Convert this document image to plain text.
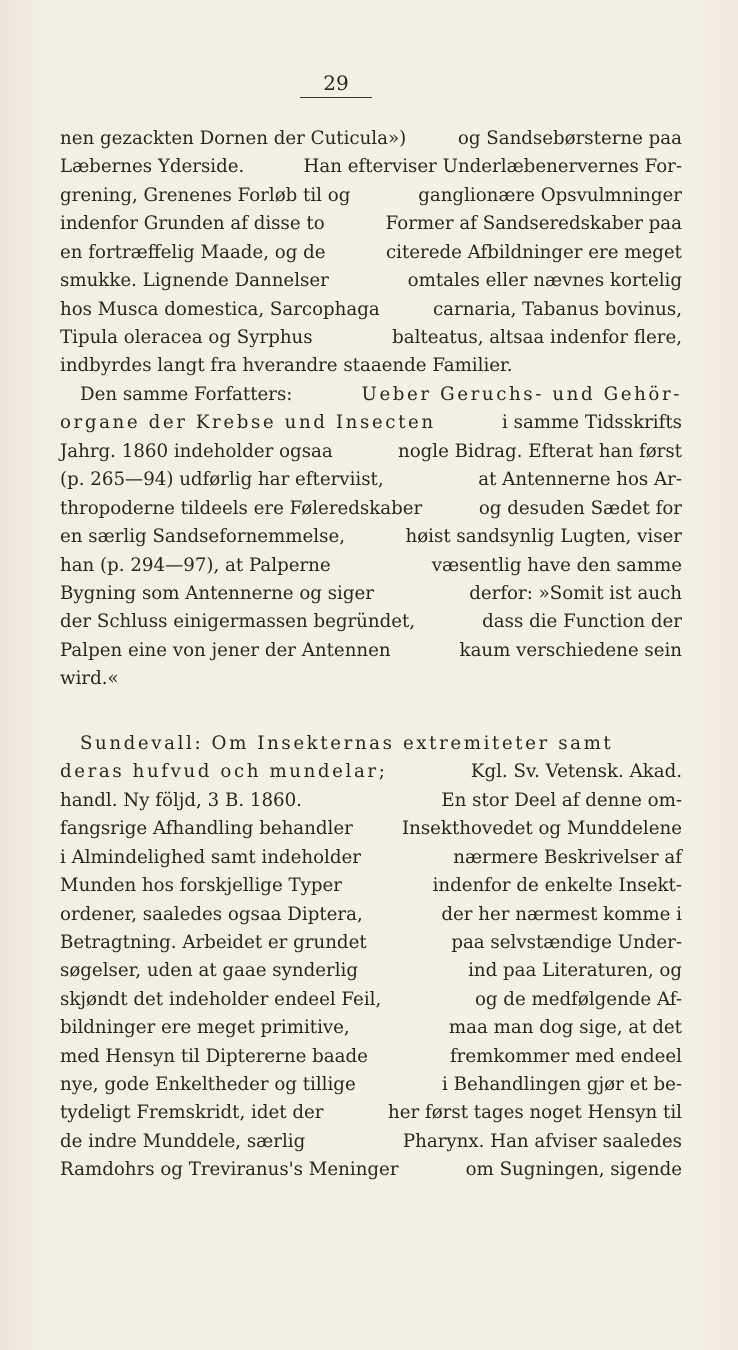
29
nen gezackten Dornen der Cuticula»)	og Sandsebørsterne paa
Læbernes Yderside.	Han efterviser Underlæbenervernes For-
grening, Grenenes Forløb til og	ganglionære Opsvulmninger
indenfor Grunden af disse to	Former af Sandseredskaber paa
en fortræffelig Maade, og de	citerede Afbildninger ere meget
smukke. Lignende Dannelser	omtales eller nævnes kortelig
hos Musca domestica, Sarcophaga	carnaria, Tabanus bovinus,
Tipula oleracea og Syrphus	balteatus, altsaa indenfor flere,
indbyrdes langt fra hverandre staaende Familier.
Den samme Forfatters:	Ueber Geruchs- und Gehör-
organe der Krebse und Insecten	i samme Tidsskrifts
Jahrg. 1860 indeholder ogsaa	nogle Bidrag. Efterat han først
(p. 265—94) udførlig har efterviist,	at Antennerne hos Ar-
thropoderne tildeels ere Føleredskaber	og desuden Sædet for
en særlig Sandsefornemmelse,	høist sandsynlig Lugten, viser
han (p. 294—97), at Palperne	væsentlig have den samme
Bygning som Antennerne og siger	derfor: »Somit ist auch
der Schluss einigermassen begründet,	dass die Function der
Palpen eine von jener der Antennen	kaum verschiedene sein
wird.«
Sundevall: Om Insekternas extremiteter samt
deras hufvud och mundelar;	Kgl. Sv. Vetensk. Akad.
handl. Ny följd, 3 B. 1860.	En stor Deel af denne om-
fangsrige Afhandling behandler	Insekthovedet og Munddelene
i Almindelighed samt indeholder	nærmere Beskrivelser af
Munden hos forskjellige Typer	indenfor de enkelte Insekt-
ordener, saaledes ogsaa Diptera,	der her nærmest komme i
Betragtning. Arbeidet er grundet	paa selvstændige Under-
søgelser, uden at gaae synderlig	ind paa Literaturen, og
skjøndt det indeholder endeel Feil,	og de medfølgende Af-
bildninger ere meget primitive,	maa man dog sige, at det
med Hensyn til Diptererne baade	fremkommer med endeel
nye, gode Enkeltheder og tillige	i Behandlingen gjør et be-
tydeligt Fremskridt, idet der	her først tages noget Hensyn til
de indre Munddele, særlig	Pharynx. Han afviser saaledes
Ramdohrs og Treviranus's Meninger	om Sugningen, sigende
